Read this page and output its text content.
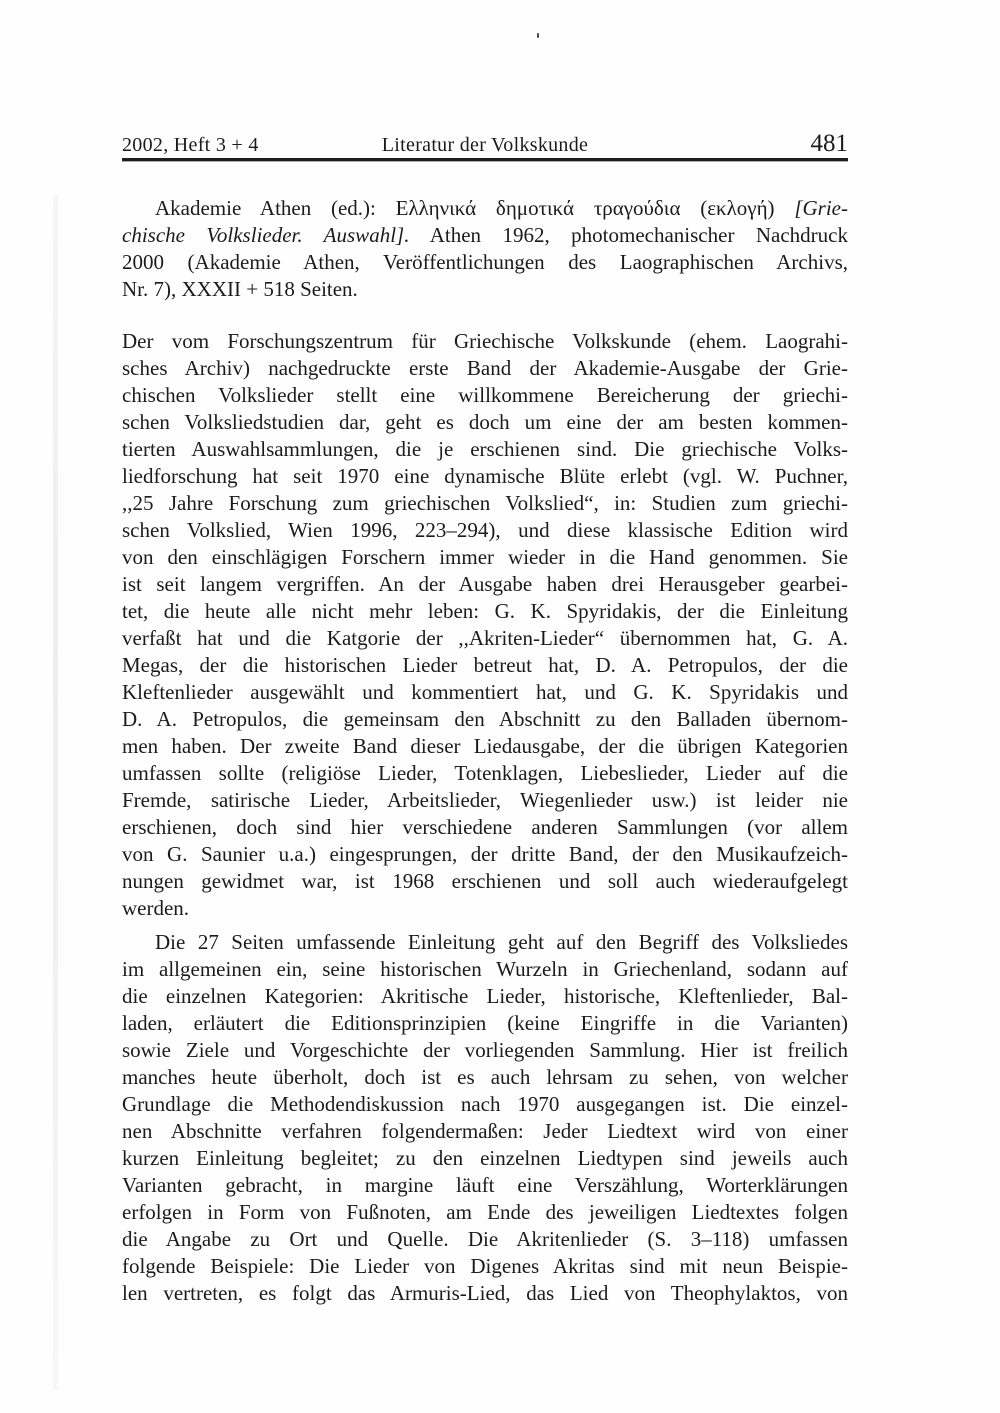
2002, Heft 3 + 4	Literatur der Volkskunde	481
Akademie Athen (ed.): Ελληνικά δημοτικά τραγούδια (εκλογή) [Grie-
chische Volkslieder. Auswahl]. Athen 1962, photomechanischer Nachdruck
2000 (Akademie Athen, Veröffentlichungen des Laographischen Archivs,
Nr. 7), XXXII + 518 Seiten.
Der vom Forschungszentrum für Griechische Volkskunde (ehem. Laograhi-
sches Archiv) nachgedruckte erste Band der Akademie-Ausgabe der Grie-
chischen Volkslieder stellt eine willkommene Bereicherung der griechi-
schen Volksliedstudien dar, geht es doch um eine der am besten kommen-
tierten Auswahlsammlungen, die je erschienen sind. Die griechische Volks-
liedforschung hat seit 1970 eine dynamische Blüte erlebt (vgl. W. Puchner,
,,25 Jahre Forschung zum griechischen Volkslied“, in: Studien zum griechi-
schen Volkslied, Wien 1996, 223–294), und diese klassische Edition wird
von den einschlägigen Forschern immer wieder in die Hand genommen. Sie
ist seit langem vergriffen. An der Ausgabe haben drei Herausgeber gearbei-
tet, die heute alle nicht mehr leben: G. K. Spyridakis, der die Einleitung
verfaßt hat und die Katgorie der ,,Akriten-Lieder“ übernommen hat, G. A.
Megas, der die historischen Lieder betreut hat, D. A. Petropulos, der die
Kleftenlieder ausgewählt und kommentiert hat, und G. K. Spyridakis und
D. A. Petropulos, die gemeinsam den Abschnitt zu den Balladen übernom-
men haben. Der zweite Band dieser Liedausgabe, der die übrigen Kategorien
umfassen sollte (religiöse Lieder, Totenklagen, Liebeslieder, Lieder auf die
Fremde, satirische Lieder, Arbeitslieder, Wiegenlieder usw.) ist leider nie
erschienen, doch sind hier verschiedene anderen Sammlungen (vor allem
von G. Saunier u.a.) eingesprungen, der dritte Band, der den Musikaufzeich-
nungen gewidmet war, ist 1968 erschienen und soll auch wiederaufgelegt
werden.
Die 27 Seiten umfassende Einleitung geht auf den Begriff des Volksliedes
im allgemeinen ein, seine historischen Wurzeln in Griechenland, sodann auf
die einzelnen Kategorien: Akritische Lieder, historische, Kleftenlieder, Bal-
laden, erläutert die Editionsprinzipien (keine Eingriffe in die Varianten)
sowie Ziele und Vorgeschichte der vorliegenden Sammlung. Hier ist freilich
manches heute überholt, doch ist es auch lehrsam zu sehen, von welcher
Grundlage die Methodendiskussion nach 1970 ausgegangen ist. Die einzel-
nen Abschnitte verfahren folgendermaßen: Jeder Liedtext wird von einer
kurzen Einleitung begleitet; zu den einzelnen Liedtypen sind jeweils auch
Varianten gebracht, in margine läuft eine Verszählung, Worterklärungen
erfolgen in Form von Fußnoten, am Ende des jeweiligen Liedtextes folgen
die Angabe zu Ort und Quelle. Die Akritenlieder (S. 3–118) umfassen
folgende Beispiele: Die Lieder von Digenes Akritas sind mit neun Beispie-
len vertreten, es folgt das Armuris-Lied, das Lied von Theophylaktos, von
